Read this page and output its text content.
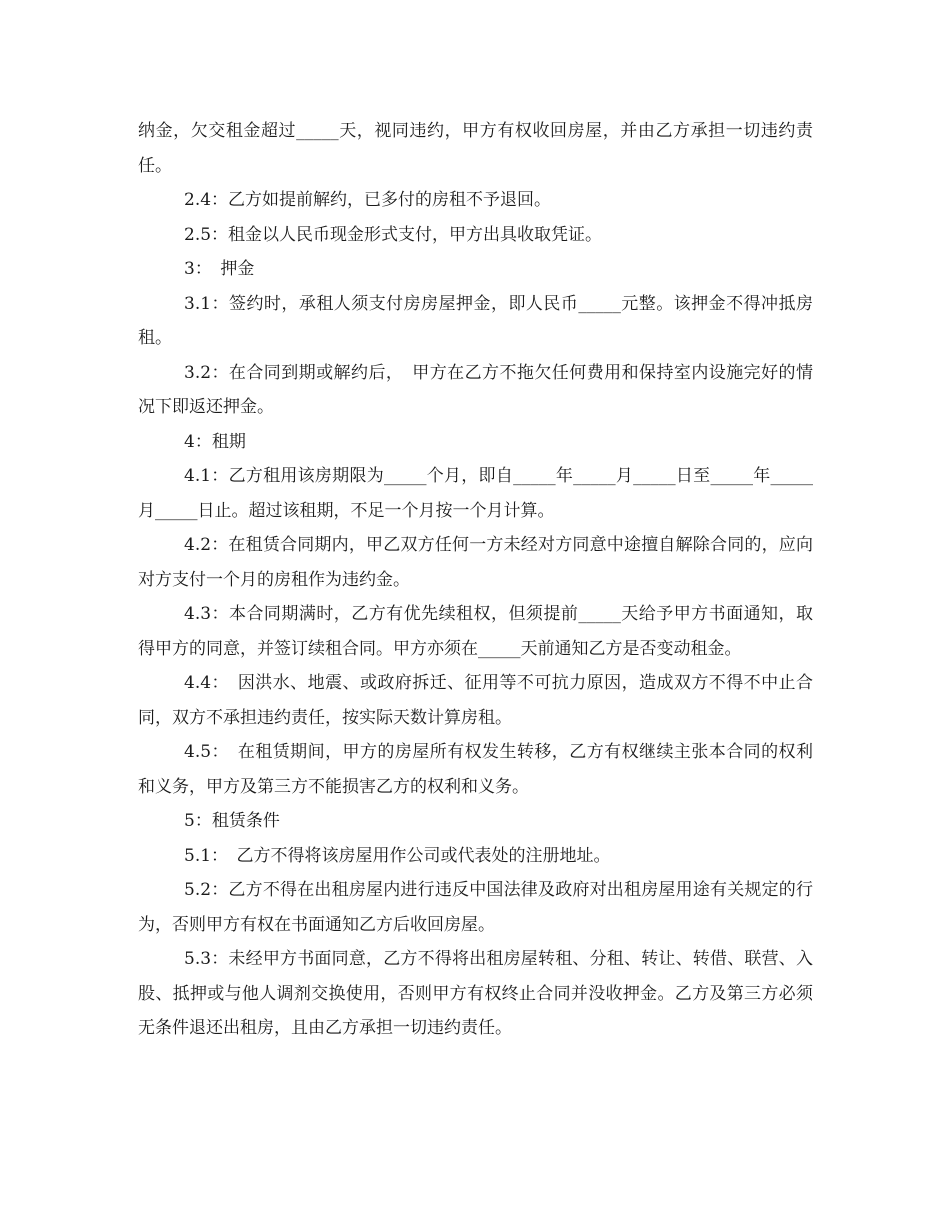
纳金，欠交租金超过_____天，视同违约，甲方有权收回房屋，并由乙方承担一切违约责任。

2.4：乙方如提前解约，已多付的房租不予退回。

2.5：租金以人民币现金形式支付，甲方出具收取凭证。

3：　押金

3.1：签约时，承租人须支付房房屋押金，即人民币_____元整。该押金不得冲抵房租。

3.2：在合同到期或解约后，　甲方在乙方不拖欠任何费用和保持室内设施完好的情况下即返还押金。

4：租期

4.1：乙方租用该房期限为_____个月，即自_____年_____月_____日至_____年_____月_____日止。超过该租期，不足一个月按一个月计算。

4.2：在租赁合同期内，甲乙双方任何一方未经对方同意中途擅自解除合同的，应向对方支付一个月的房租作为违约金。

4.3：本合同期满时，乙方有优先续租权，但须提前_____天给予甲方书面通知，取得甲方的同意，并签订续租合同。甲方亦须在_____天前通知乙方是否变动租金。

4.4：　因洪水、地震、或政府拆迁、征用等不可抗力原因，造成双方不得不中止合同，双方不承担违约责任，按实际天数计算房租。

4.5：　在租赁期间，甲方的房屋所有权发生转移，乙方有权继续主张本合同的权利和义务，甲方及第三方不能损害乙方的权利和义务。

5：租赁条件

5.1：　乙方不得将该房屋用作公司或代表处的注册地址。

5.2：乙方不得在出租房屋内进行违反中国法律及政府对出租房屋用途有关规定的行为，否则甲方有权在书面通知乙方后收回房屋。

5.3：未经甲方书面同意，乙方不得将出租房屋转租、分租、转让、转借、联营、入股、抵押或与他人调剂交换使用，否则甲方有权终止合同并没收押金。乙方及第三方必须无条件退还出租房，且由乙方承担一切违约责任。
